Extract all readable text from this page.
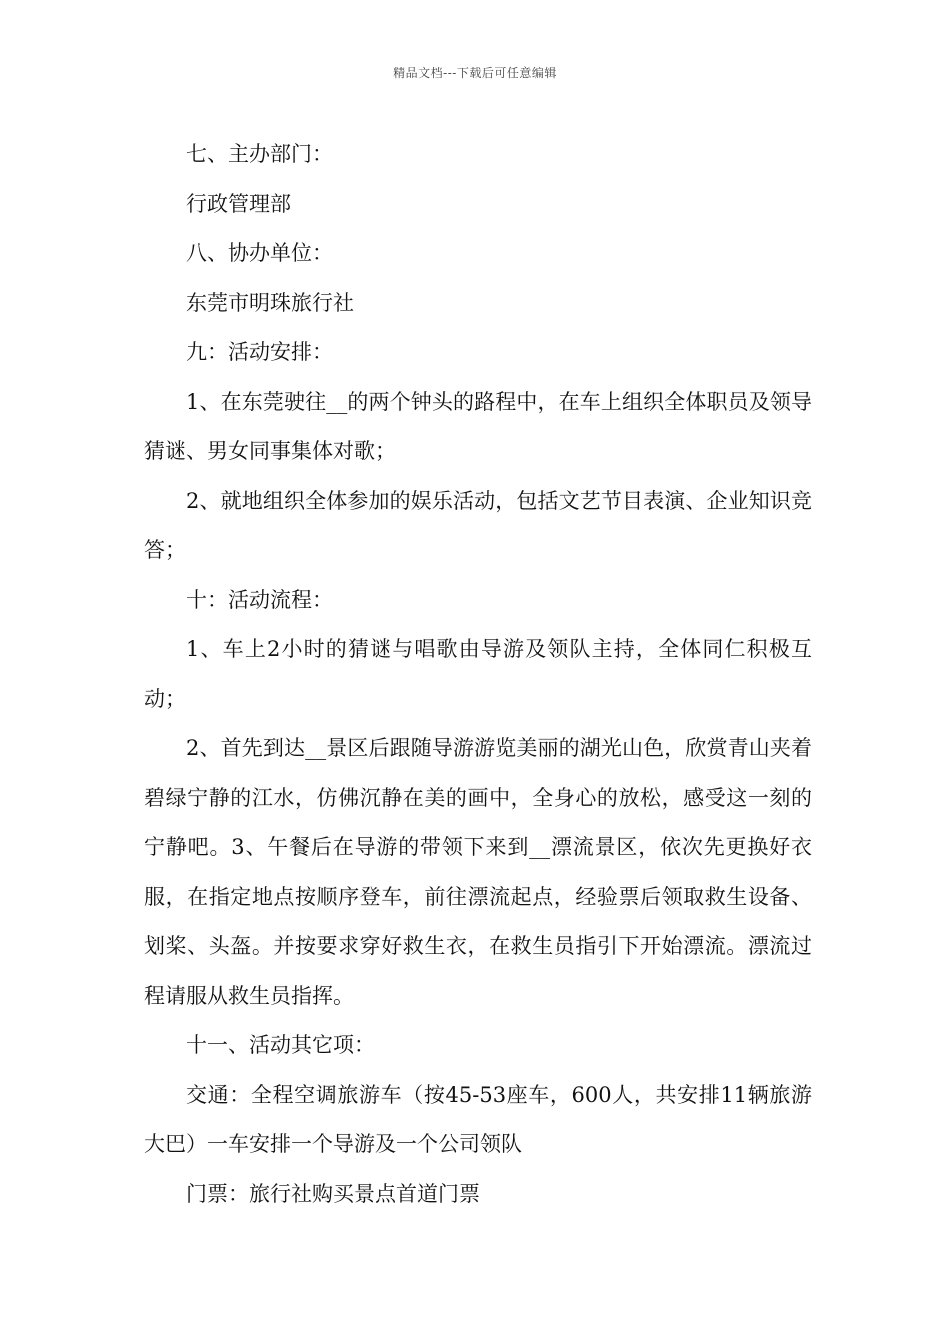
精品文档---下载后可任意编辑

七、主办部门：

行政管理部

八、协办单位：

东莞市明珠旅行社

九：活动安排：

1、在东莞驶往__的两个钟头的路程中，在车上组织全体职员及领导猜谜、男女同事集体对歌；

2、就地组织全体参加的娱乐活动，包括文艺节目表演、企业知识竞答；

十：活动流程：

1、车上2小时的猜谜与唱歌由导游及领队主持，全体同仁积极互动；

2、首先到达__景区后跟随导游游览美丽的湖光山色，欣赏青山夹着碧绿宁静的江水，仿佛沉静在美的画中，全身心的放松，感受这一刻的宁静吧。3、午餐后在导游的带领下来到__漂流景区，依次先更换好衣服，在指定地点按顺序登车，前往漂流起点，经验票后领取救生设备、划桨、头盔。并按要求穿好救生衣，在救生员指引下开始漂流。漂流过程请服从救生员指挥。

十一、活动其它项：

交通：全程空调旅游车（按45-53座车，600人，共安排11辆旅游大巴）一车安排一个导游及一个公司领队

门票：旅行社购买景点首道门票
